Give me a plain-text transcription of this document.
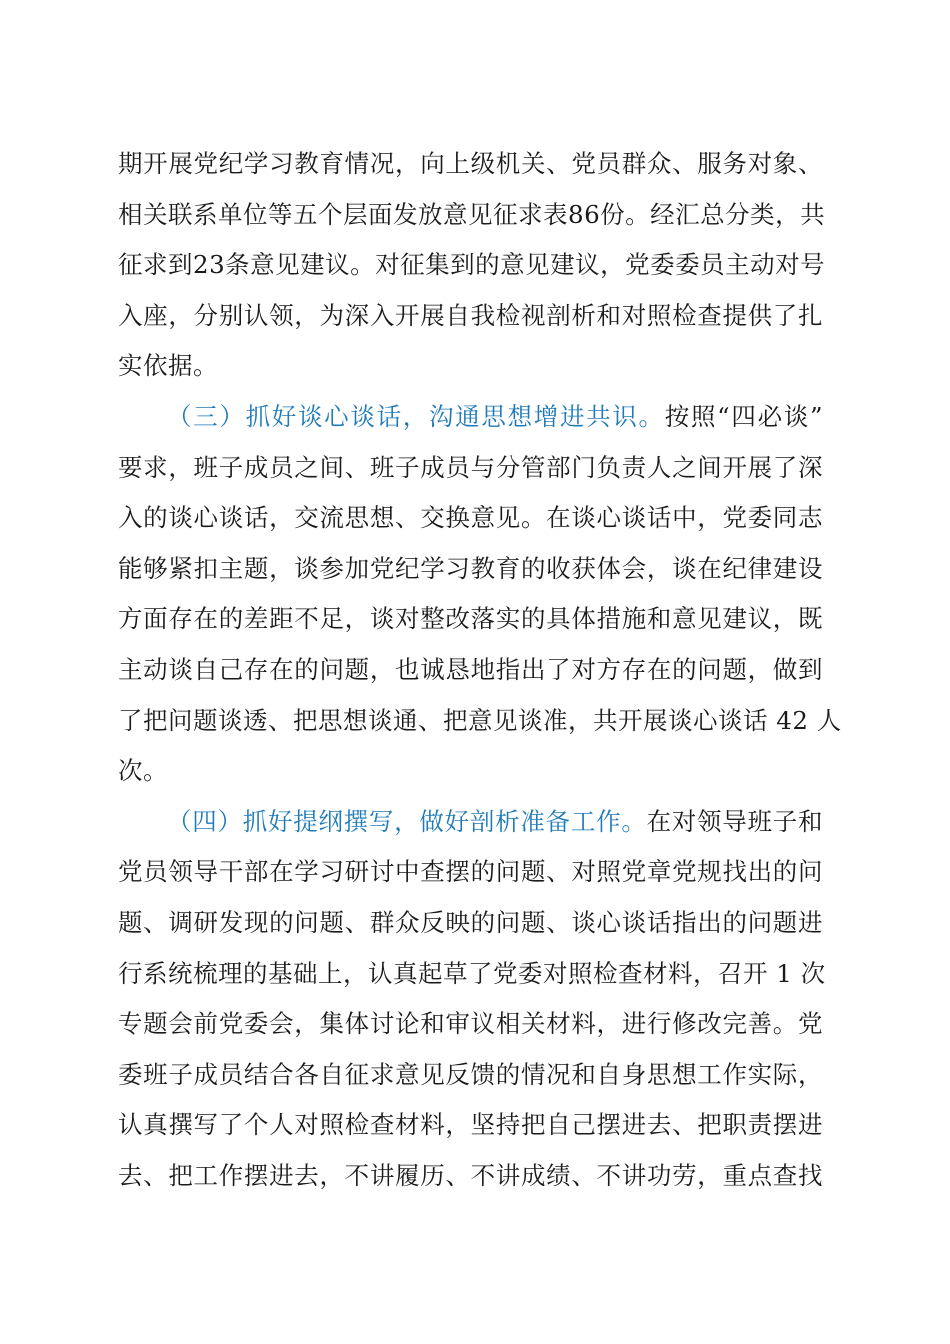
期开展党纪学习教育情况，向上级机关、党员群众、服务对象、
相关联系单位等五个层面发放意见征求表86份。经汇总分类，共
征求到23条意见建议。对征集到的意见建议，党委委员主动对号
入座，分别认领，为深入开展自我检视剖析和对照检查提供了扎
实依据。
（三）抓好谈心谈话，沟通思想增进共识。按照“四必谈”
要求，班子成员之间、班子成员与分管部门负责人之间开展了深
入的谈心谈话，交流思想、交换意见。在谈心谈话中，党委同志
能够紧扣主题，谈参加党纪学习教育的收获体会，谈在纪律建设
方面存在的差距不足，谈对整改落实的具体措施和意见建议，既
主动谈自己存在的问题，也诚恳地指出了对方存在的问题，做到
了把问题谈透、把思想谈通、把意见谈准，共开展谈心谈话 42 人
次。
（四）抓好提纲撰写，做好剖析准备工作。在对领导班子和
党员领导干部在学习研讨中查摆的问题、对照党章党规找出的问
题、调研发现的问题、群众反映的问题、谈心谈话指出的问题进
行系统梳理的基础上，认真起草了党委对照检查材料，召开 1 次
专题会前党委会，集体讨论和审议相关材料，进行修改完善。党
委班子成员结合各自征求意见反馈的情况和自身思想工作实际，
认真撰写了个人对照检查材料，坚持把自己摆进去、把职责摆进
去、把工作摆进去，不讲履历、不讲成绩、不讲功劳，重点查找
